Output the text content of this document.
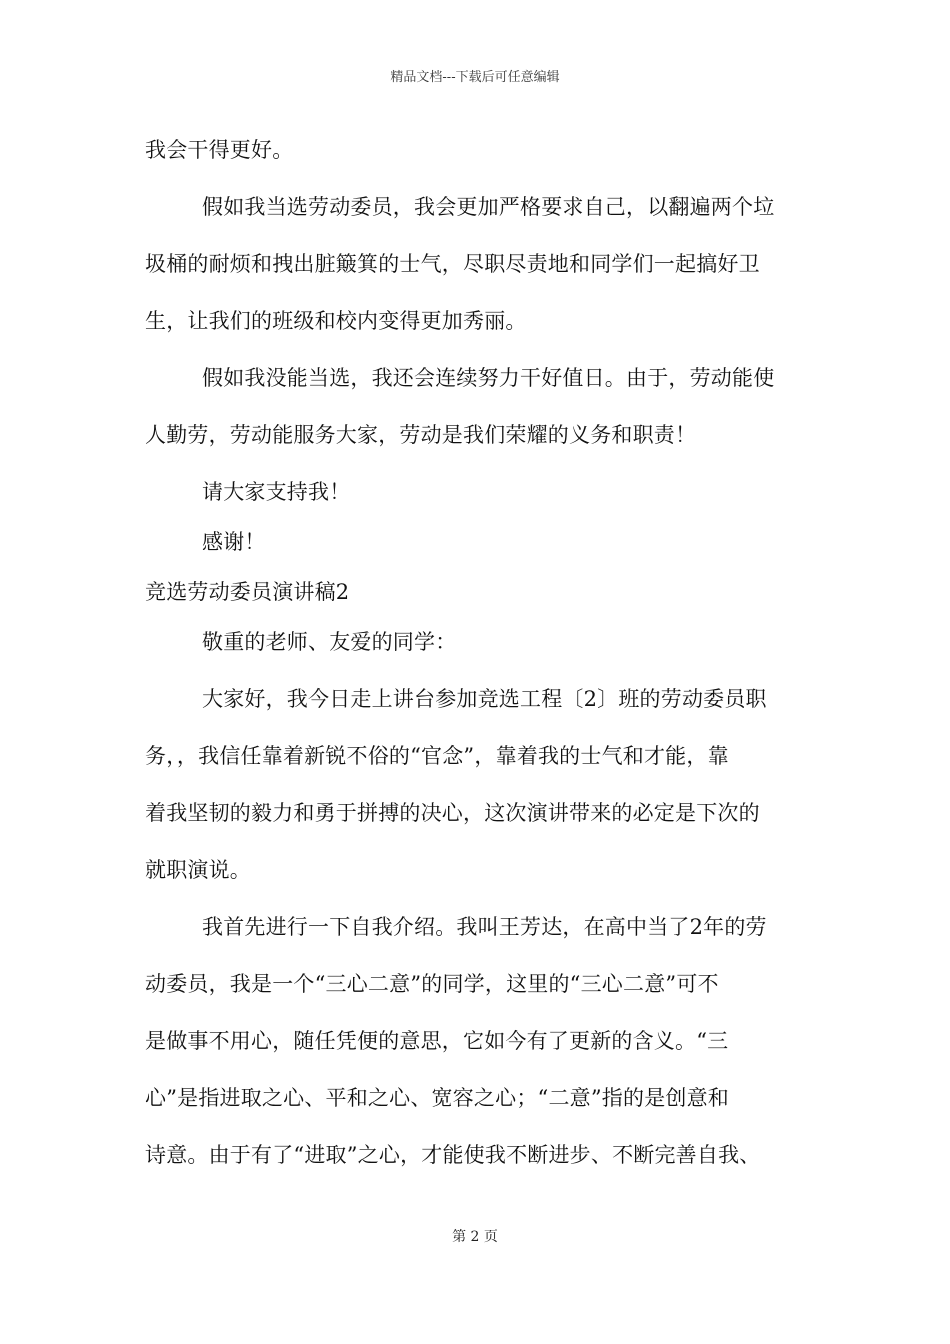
精品文档---下载后可任意编辑
我会干得更好。
假如我当选劳动委员，我会更加严格要求自己，以翻遍两个垃
圾桶的耐烦和拽出脏簸箕的士气，尽职尽责地和同学们一起搞好卫
生，让我们的班级和校内变得更加秀丽。
假如我没能当选，我还会连续努力干好值日。由于，劳动能使
人勤劳，劳动能服务大家，劳动是我们荣耀的义务和职责！
请大家支持我！
感谢！
竞选劳动委员演讲稿2
敬重的老师、友爱的同学：
大家好，我今日走上讲台参加竞选工程〔2〕班的劳动委员职
务，，我信任靠着新锐不俗的“官念”，靠着我的士气和才能，靠
着我坚韧的毅力和勇于拼搏的决心，这次演讲带来的必定是下次的
就职演说。
我首先进行一下自我介绍。我叫王芳达，在高中当了2年的劳
动委员，我是一个“三心二意”的同学，这里的“三心二意”可不
是做事不用心，随任凭便的意思，它如今有了更新的含义。“三
心”是指进取之心、平和之心、宽容之心；“二意”指的是创意和
诗意。由于有了“进取”之心，才能使我不断进步、不断完善自我、
第 2 页
